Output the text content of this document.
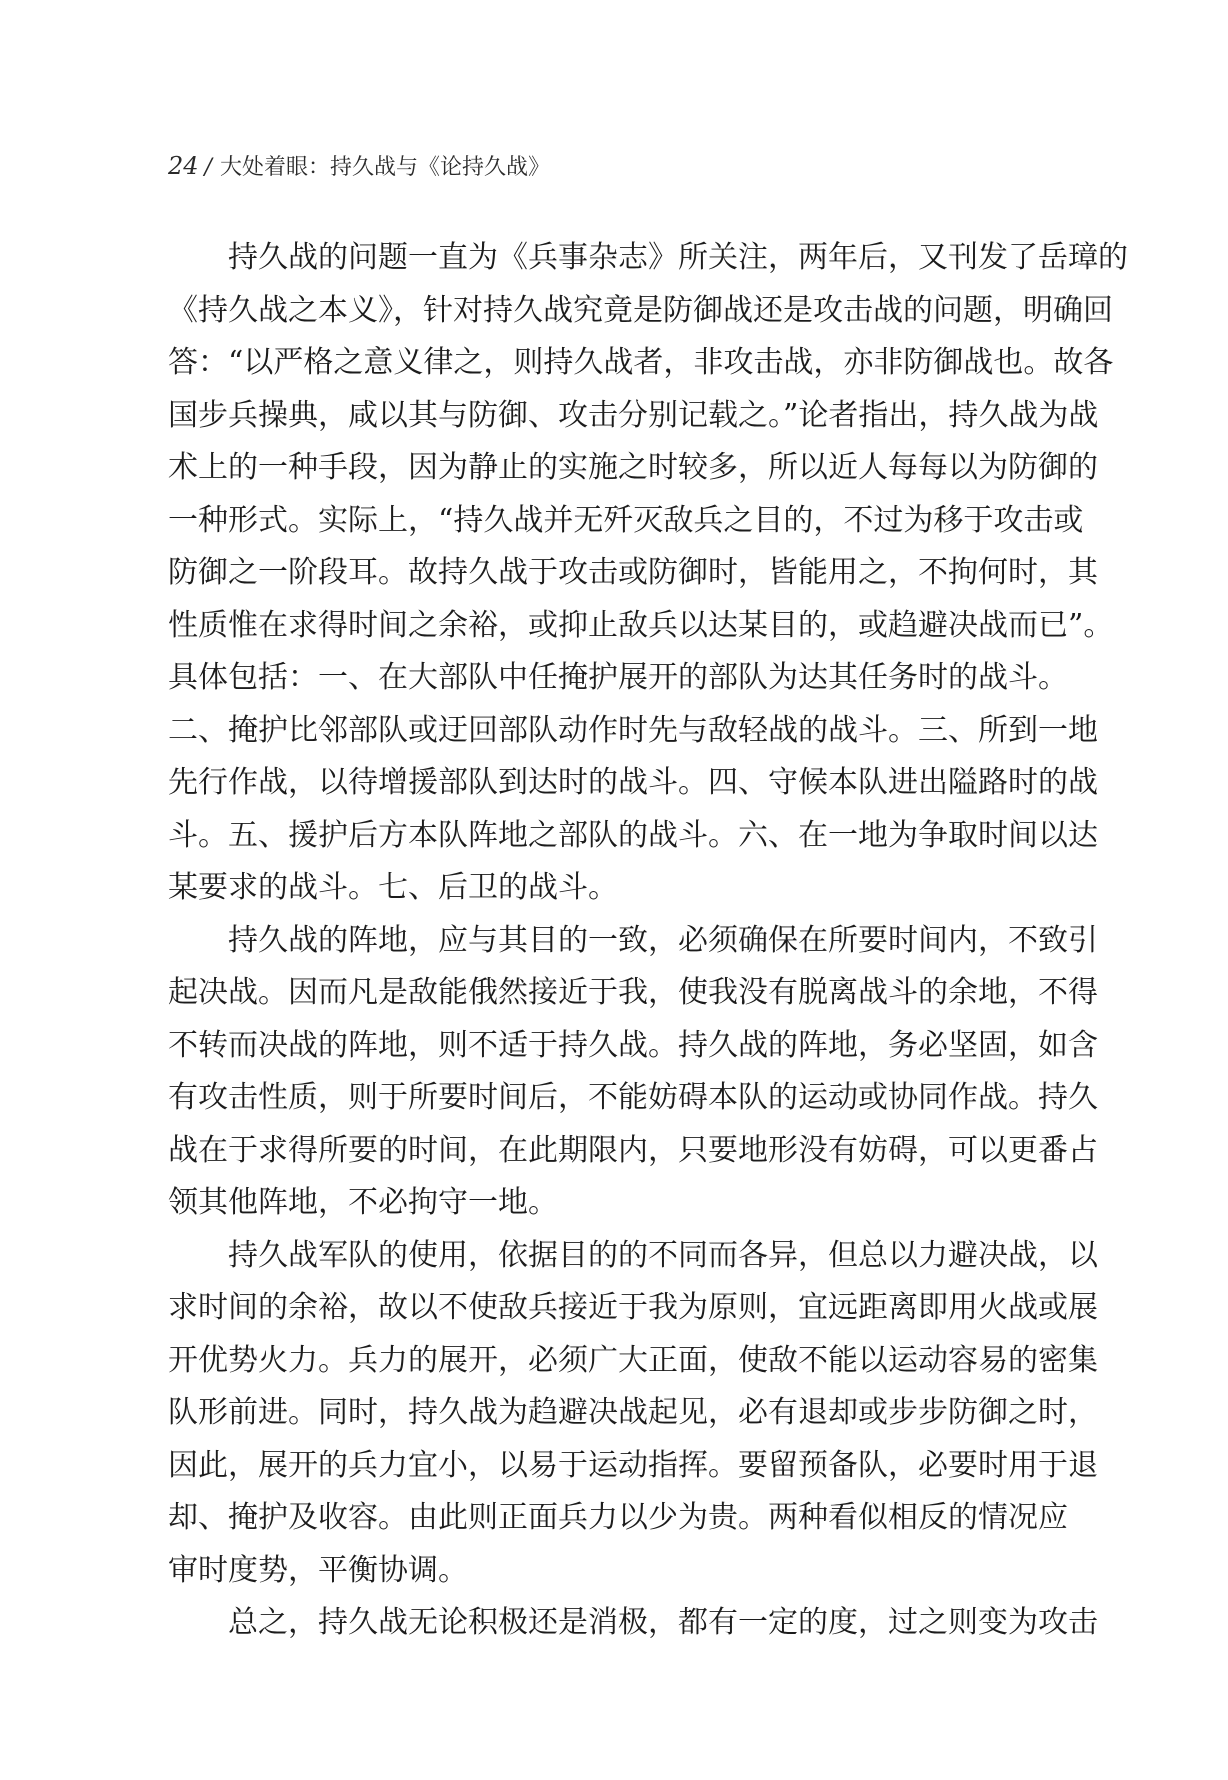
24 / 大处着眼：持久战与《论持久战》
持久战的问题一直为《兵事杂志》所关注，两年后，又刊发了岳璋的
《持久战之本义》，针对持久战究竟是防御战还是攻击战的问题，明确回
答：“以严格之意义律之，则持久战者，非攻击战，亦非防御战也。故各
国步兵操典，咸以其与防御、攻击分别记载之。”论者指出，持久战为战
术上的一种手段，因为静止的实施之时较多，所以近人每每以为防御的
一种形式。实际上，“持久战并无歼灭敌兵之目的，不过为移于攻击或
防御之一阶段耳。故持久战于攻击或防御时，皆能用之，不拘何时，其
性质惟在求得时间之余裕，或抑止敌兵以达某目的，或趋避决战而已”。
具体包括：一、在大部队中任掩护展开的部队为达其任务时的战斗。
二、掩护比邻部队或迂回部队动作时先与敌轻战的战斗。三、所到一地
先行作战，以待增援部队到达时的战斗。四、守候本队进出隘路时的战
斗。五、援护后方本队阵地之部队的战斗。六、在一地为争取时间以达
某要求的战斗。七、后卫的战斗。
持久战的阵地，应与其目的一致，必须确保在所要时间内，不致引
起决战。因而凡是敌能俄然接近于我，使我没有脱离战斗的余地，不得
不转而决战的阵地，则不适于持久战。持久战的阵地，务必坚固，如含
有攻击性质，则于所要时间后，不能妨碍本队的运动或协同作战。持久
战在于求得所要的时间，在此期限内，只要地形没有妨碍，可以更番占
领其他阵地，不必拘守一地。
持久战军队的使用，依据目的的不同而各异，但总以力避决战，以
求时间的余裕，故以不使敌兵接近于我为原则，宜远距离即用火战或展
开优势火力。兵力的展开，必须广大正面，使敌不能以运动容易的密集
队形前进。同时，持久战为趋避决战起见，必有退却或步步防御之时，
因此，展开的兵力宜小，以易于运动指挥。要留预备队，必要时用于退
却、掩护及收容。由此则正面兵力以少为贵。两种看似相反的情况应
审时度势，平衡协调。
总之，持久战无论积极还是消极，都有一定的度，过之则变为攻击
